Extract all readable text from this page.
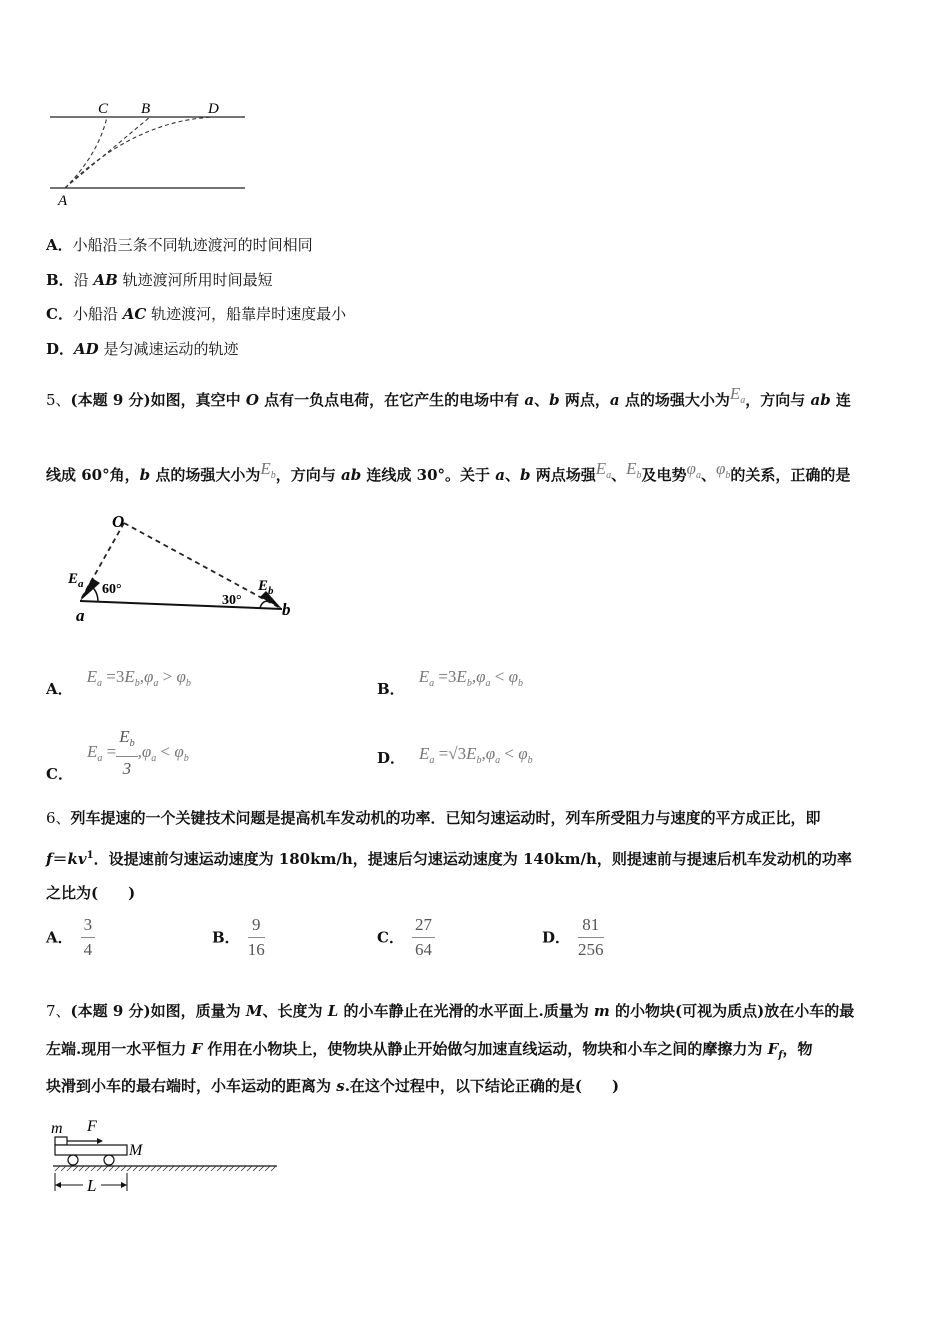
C B	D
A
A．小船沿三条不同轨迹渡河的时间相同
B．沿 AB 轨迹渡河所用时间最短
C．小船沿 AC 轨迹渡河，船靠岸时速度最小
D．AD 是匀减速运动的轨迹
5、(本题 9 分)如图，真空中 O 点有一负点电荷，在它产生的电场中有 a、b 两点，a 点的场强大小为$E_a$，方向与 ab 连
线成 60°角，b 点的场强大小为$E_b$，方向与 ab 连线成 30°。关于 a、b 两点场强$E_a$、$E_b$及电势$\varphi_a$、$\varphi_b$的关系，正确的是
O
$E_a$ 60°
30°
$E_b$
a	b
A．$E_a =3E_b,\varphi_a > \varphi_b$	B．$E_a =3E_b,\varphi_a < \varphi_b$
C．$E_a = \frac{E_b}{3} ,\varphi_a < \varphi_b$	D． $E_a =√3E_b,\varphi_a < \varphi_b$
6、列车提速的一个关键技术问题是提高机车发动机的功率．已知匀速运动时，列车所受阻力与速度的平方成正比，即
$f=kv^1$．设提速前匀速运动速度为 180km/h，提速后匀速运动速度为 140km/h，则提速前与提速后机车发动机的功率
之比为(　　)
A． $\frac{3}{4}$	B． $\frac{9}{16}$	C． $\frac{27}{64}$	D． $\frac{81}{256}$
7、(本题 9 分)如图，质量为 M、长度为 L 的小车静止在光滑的水平面上.质量为 m 的小物块(可视为质点)放在小车的最
左端.现用一水平恒力 F 作用在小物块上，使物块从静止开始做匀加速直线运动，物块和小车之间的摩擦力为 $F_f$，物
块滑到小车的最右端时，小车运动的距离为 s.在这个过程中，以下结论正确的是(　　)
m F
M
L
